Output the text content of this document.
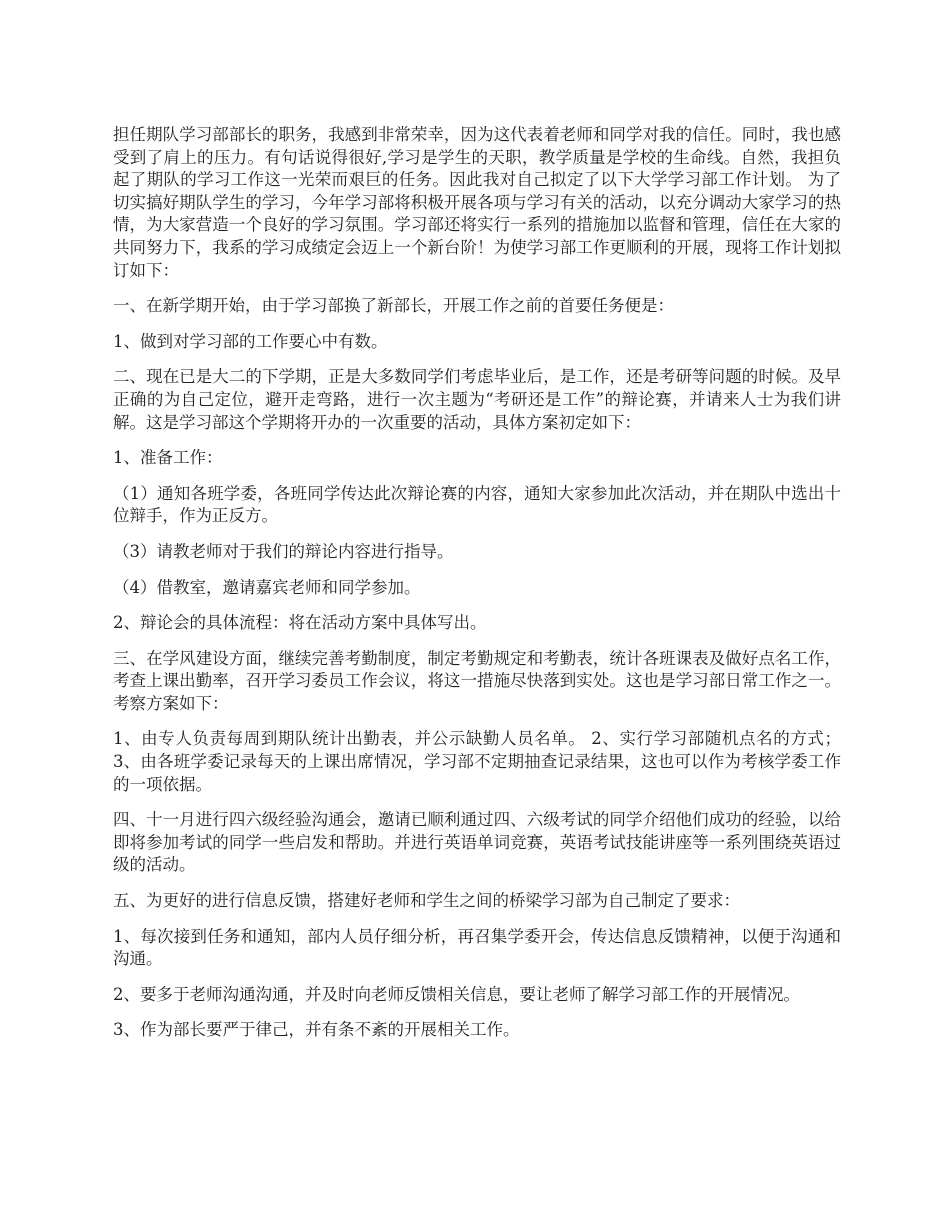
担任期队学习部部长的职务，我感到非常荣幸，因为这代表着老师和同学对我的信任。同时，我也感受到了肩上的压力。有句话说得很好,学习是学生的天职，教学质量是学校的生命线。自然，我担负起了期队的学习工作这一光荣而艰巨的任务。因此我对自己拟定了以下大学学习部工作计划。 为了切实搞好期队学生的学习，今年学习部将积极开展各项与学习有关的活动，以充分调动大家学习的热情，为大家营造一个良好的学习氛围。学习部还将实行一系列的措施加以监督和管理，信任在大家的共同努力下，我系的学习成绩定会迈上一个新台阶！为使学习部工作更顺利的开展，现将工作计划拟订如下：

一、在新学期开始，由于学习部换了新部长，开展工作之前的首要任务便是：

1、做到对学习部的工作要心中有数。

二、现在已是大二的下学期，正是大多数同学们考虑毕业后，是工作，还是考研等问题的时候。及早正确的为自己定位，避开走弯路，进行一次主题为“考研还是工作”的辩论赛，并请来人士为我们讲解。这是学习部这个学期将开办的一次重要的活动，具体方案初定如下：

1、准备工作：

（1）通知各班学委，各班同学传达此次辩论赛的内容，通知大家参加此次活动，并在期队中选出十位辩手，作为正反方。

（3）请教老师对于我们的辩论内容进行指导。

（4）借教室，邀请嘉宾老师和同学参加。

2、辩论会的具体流程：将在活动方案中具体写出。

三、在学风建设方面，继续完善考勤制度，制定考勤规定和考勤表，统计各班课表及做好点名工作，考查上课出勤率，召开学习委员工作会议，将这一措施尽快落到实处。这也是学习部日常工作之一。考察方案如下：

1、由专人负责每周到期队统计出勤表，并公示缺勤人员名单。 2、实行学习部随机点名的方式； 3、由各班学委记录每天的上课出席情况，学习部不定期抽查记录结果，这也可以作为考核学委工作的一项依据。

四、十一月进行四六级经验沟通会，邀请已顺利通过四、六级考试的同学介绍他们成功的经验，以给即将参加考试的同学一些启发和帮助。并进行英语单词竞赛，英语考试技能讲座等一系列围绕英语过级的活动。

五、为更好的进行信息反馈，搭建好老师和学生之间的桥梁学习部为自己制定了要求：

1、每次接到任务和通知，部内人员仔细分析，再召集学委开会，传达信息反馈精神，以便于沟通和沟通。

2、要多于老师沟通沟通，并及时向老师反馈相关信息，要让老师了解学习部工作的开展情况。

3、作为部长要严于律己，并有条不紊的开展相关工作。
